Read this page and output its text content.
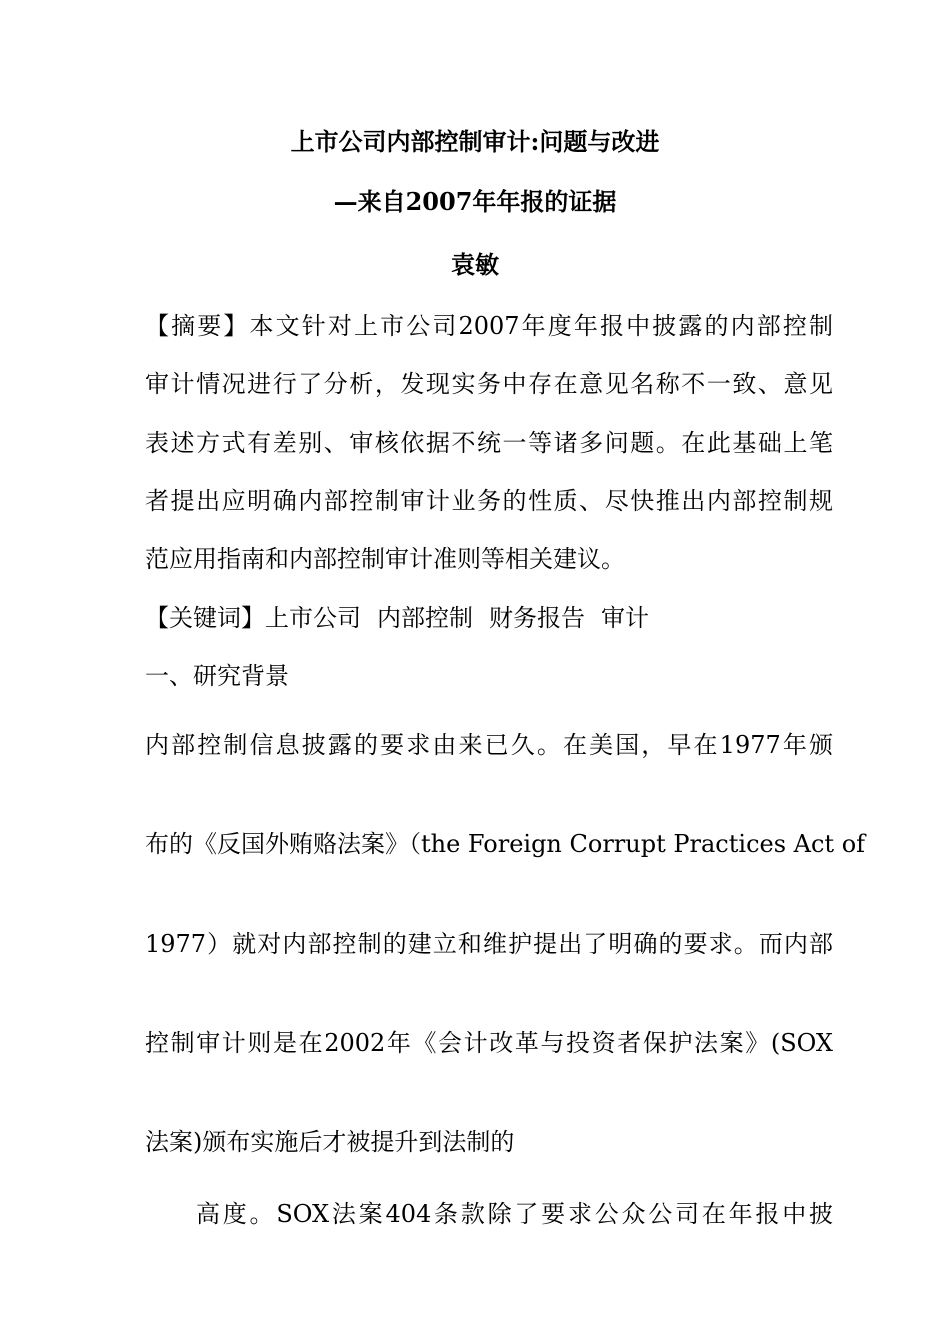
上市公司内部控制审计:问题与改进
—来自2007年年报的证据
袁敏
【摘要】本文针对上市公司2007年度年报中披露的内部控制
审计情况进行了分析，发现实务中存在意见名称不一致、意见
表述方式有差别、审核依据不统一等诸多问题。在此基础上笔
者提出应明确内部控制审计业务的性质、尽快推出内部控制规
范应用指南和内部控制审计准则等相关建议。
【关键词】上市公司 内部控制 财务报告 审计
一、研究背景
内部控制信息披露的要求由来已久。在美国，早在1977年颁
布的《反国外贿赂法案》（the Foreign Corrupt Practices Act of
1977）就对内部控制的建立和维护提出了明确的要求。而内部
控制审计则是在2002年《会计改革与投资者保护法案》(SOX
法案)颁布实施后才被提升到法制的
高度。SOX法案404条款除了要求公众公司在年报中披
